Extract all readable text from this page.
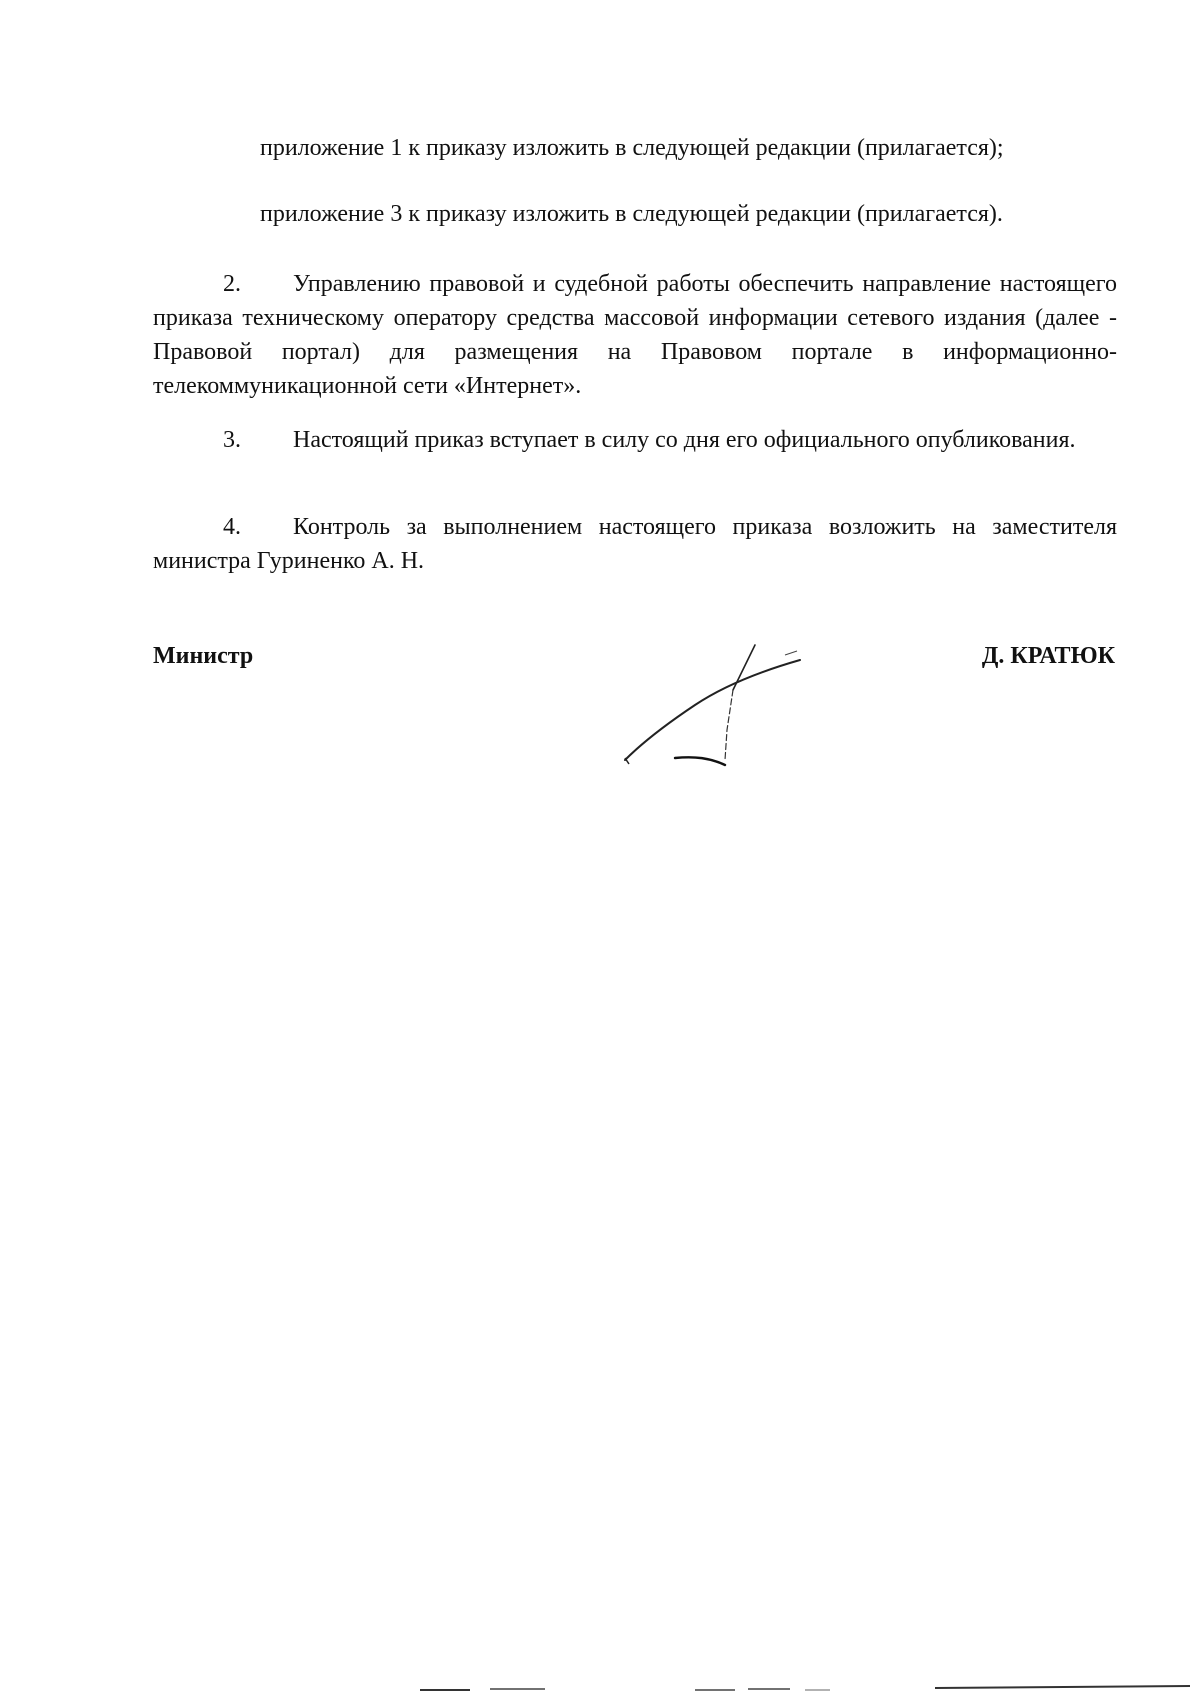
приложение 1 к приказу изложить в следующей редакции (прилагается);
приложение 3 к приказу изложить в следующей редакции (прилагается).
2. Управлению правовой и судебной работы обеспечить направление настоящего приказа техническому оператору средства массовой информации сетевого издания (далее - Правовой портал) для размещения на Правовом портале в информационно-телекоммуникационной сети «Интернет».
3. Настоящий приказ вступает в силу со дня его официального опубликования.
4. Контроль за выполнением настоящего приказа возложить на заместителя министра Гуриненко А. Н.
Министр	Д. КРАТЮК
